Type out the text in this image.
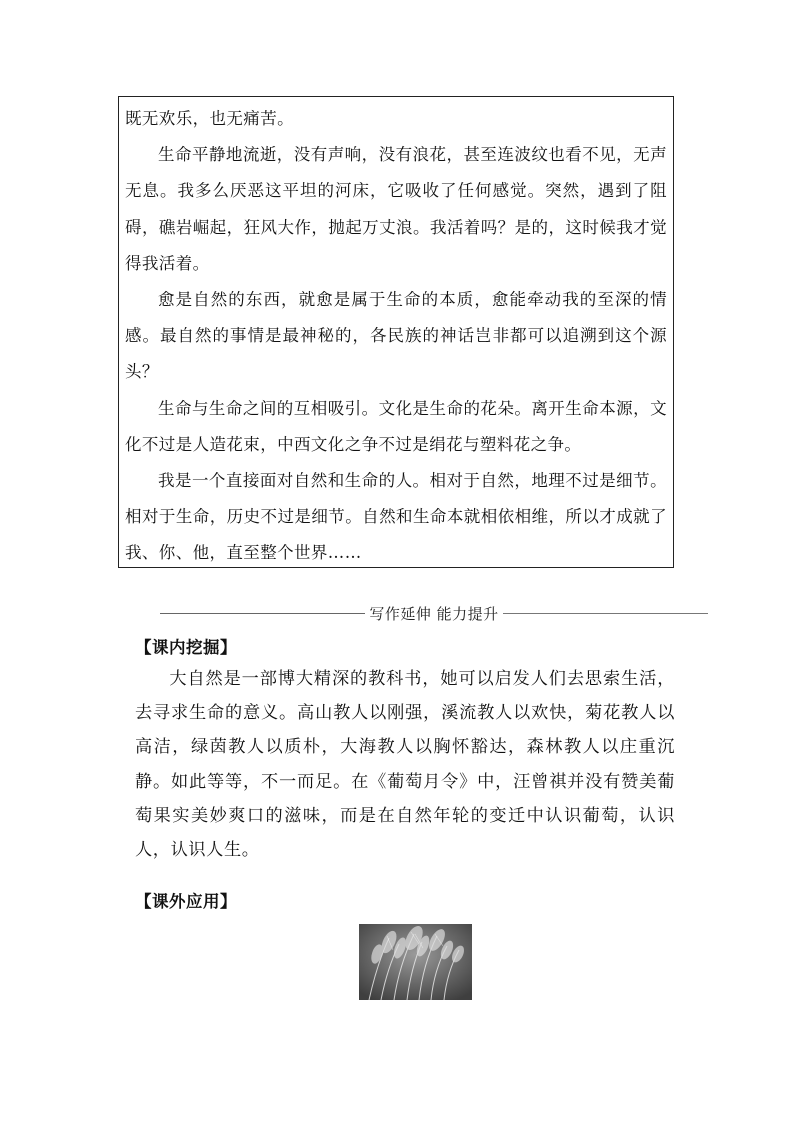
既无欢乐，也无痛苦。

生命平静地流逝，没有声响，没有浪花，甚至连波纹也看不见，无声无息。我多么厌恶这平坦的河床，它吸收了任何感觉。突然，遇到了阻碍，礁岩崛起，狂风大作，抛起万丈浪。我活着吗？是的，这时候我才觉得我活着。

愈是自然的东西，就愈是属于生命的本质，愈能牵动我的至深的情感。最自然的事情是最神秘的，各民族的神话岂非都可以追溯到这个源头？

生命与生命之间的互相吸引。文化是生命的花朵。离开生命本源，文化不过是人造花束，中西文化之争不过是绢花与塑料花之争。

我是一个直接面对自然和生命的人。相对于自然，地理不过是细节。相对于生命，历史不过是细节。自然和生命本就相依相维，所以才成就了我、你、他，直至整个世界……

写作延伸 能力提升
【课内挖掘】

大自然是一部博大精深的教科书，她可以启发人们去思索生活，去寻求生命的意义。高山教人以刚强，溪流教人以欢快，菊花教人以高洁，绿茵教人以质朴，大海教人以胸怀豁达，森林教人以庄重沉静。如此等等，不一而足。在《葡萄月令》中，汪曾祺并没有赞美葡萄果实美妙爽口的滋味，而是在自然年轮的变迁中认识葡萄，认识人，认识人生。

【课外应用】
